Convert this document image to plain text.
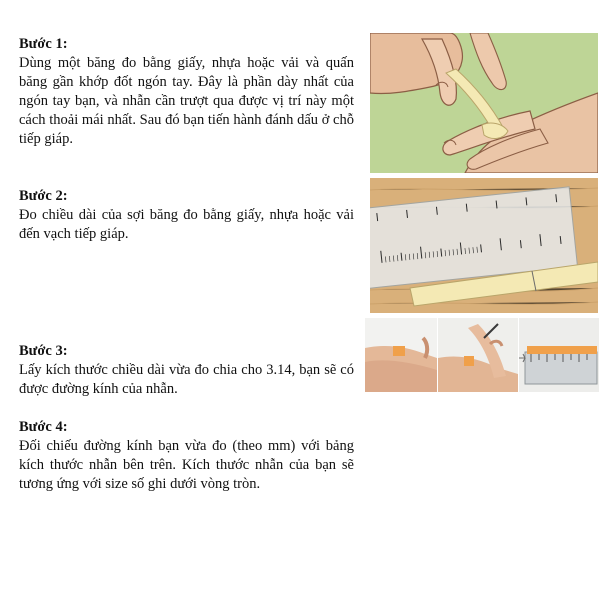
Bước 1:

Dùng một băng đo bằng giấy, nhựa hoặc vải và quấn băng gần khớp đốt ngón tay. Đây là phần dày nhất của ngón tay bạn, và nhẫn cần trượt qua được vị trí này một cách thoải mái nhất. Sau đó bạn tiến hành đánh dấu ở chỗ tiếp giáp.

Bước 2:

Đo chiều dài của sợi băng đo bằng giấy, nhựa hoặc vải đến vạch tiếp giáp.

Bước 3:

Lấy kích thước chiều dài vừa đo chia cho 3.14, bạn sẽ có được đường kính của nhẫn.

Bước 4:

Đối chiếu đường kính bạn vừa đo (theo mm) với bảng kích thước nhẫn bên trên. Kích thước nhẫn của bạn sẽ tương ứng với size số ghi dưới vòng tròn.
